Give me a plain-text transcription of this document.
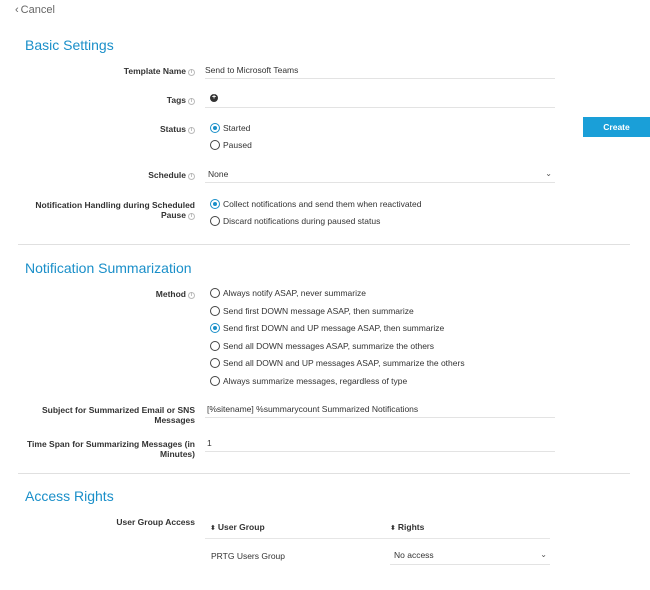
‹ Cancel
Basic Settings
Template Name i	Send to Microsoft Teams
Tags i	+
Status i	Started
Paused
Create
Schedule i	None	⌄
Notification Handling during Scheduled
Pause i
Collect notifications and send them when reactivated
Discard notifications during paused status
Notification Summarization
Method i	Always notify ASAP, never summarize
Send first DOWN message ASAP, then summarize
Send first DOWN and UP message ASAP, then summarize
Send all DOWN messages ASAP, summarize the others
Send all DOWN and UP messages ASAP, summarize the others
Always summarize messages, regardless of type
Subject for Summarized Email or SNS
Messages
[%sitename] %summarycount Summarized Notifications
Time Span for Summarizing Messages (in
Minutes)
1
Access Rights
User Group Access
⬍ User Group	⬍ Rights
PRTG Users Group	No access	⌄
